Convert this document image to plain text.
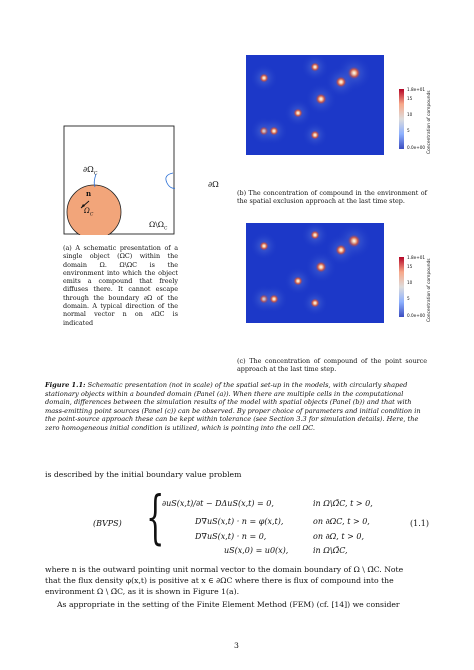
$\partial\Omega_C$
∂Ω
n
$\Omega_C$
$\Omega\backslash\Omega_C$
(a) A schematic presentation of a single object (ΩC) within the domain Ω. Ω\ΩC is the environment into which the object emits a compound that freely diffuses there. It cannot escape through the boundary ∂Ω of the domain. A typical direction of the normal vector n on ∂ΩC is indicated
1.8e+01
15
10
5
0.0e+00 Concentration of compounds
(b) The concentration of compound in the environment of the spatial exclusion approach at the last time step.
1.8e+01
15
10
5
0.0e+00 Concentration of compounds
(c) The concentration of compound of the point source approach at the last time step.
Figure 1.1: Schematic presentation (not in scale) of the spatial set-up in the models, with circularly shaped stationary objects within a bounded domain (Panel (a)). When there are multiple cells in the computational domain, differences between the simulation results of the model with spatial objects (Panel (b)) and that with mass-emitting point sources (Panel (c)) can be observed. By proper choice of parameters and initial condition in the point-source approach these can be kept within tolerance (see Section 3.3 for simulation details). Here, the zero homogeneous initial condition is utilized, which is pointing into the cell ΩC.
is described by the initial boundary value problem
(BVPS) {
∂uS(x,t)/∂t − DΔuS(x,t) = 0,	in Ω\Ω̄C, t > 0,
D∇uS(x,t) · n = φ(x,t),	on ∂ΩC, t > 0,
D∇uS(x,t) · n = 0,	on ∂Ω, t > 0,
uS(x,0) = u0(x),	in Ω\Ω̄C,
(1.1)
where n is the outward pointing unit normal vector to the domain boundary of Ω \ Ω̄C. Note
that the flux density φ(x,t) is positive at x ∈ ∂ΩC where there is flux of compound into the
environment Ω \ Ω̄C, as it is shown in Figure 1(a).
As appropriate in the setting of the Finite Element Method (FEM) (cf. [14]) we consider
3
